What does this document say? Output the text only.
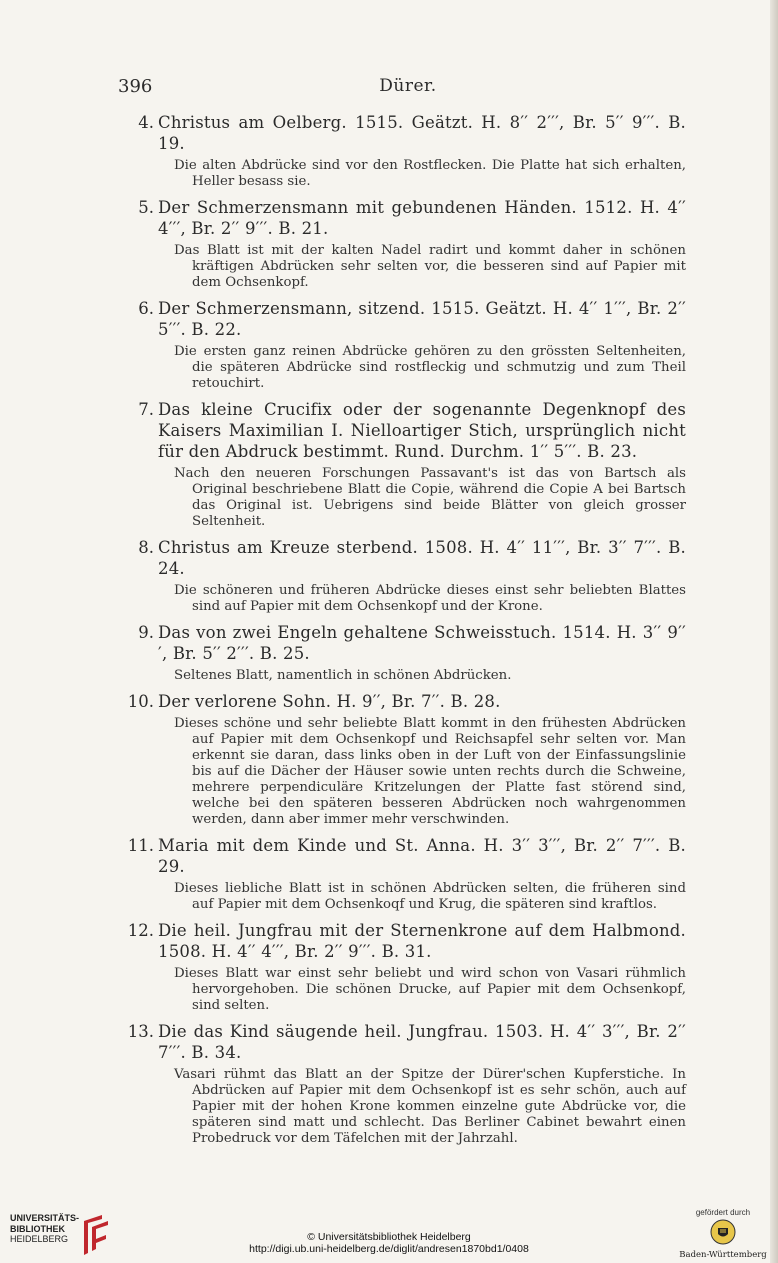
396	Dürer.
4. Christus am Oelberg. 1515. Geätzt. H. 8′′ 2′′′, Br. 5′′ 9′′′. B. 19.
Die alten Abdrücke sind vor den Rostflecken. Die Platte hat sich erhalten, Heller besass sie.
5. Der Schmerzensmann mit gebundenen Händen. 1512. H. 4′′ 4′′′, Br. 2′′ 9′′′. B. 21.
Das Blatt ist mit der kalten Nadel radirt und kommt daher in schönen kräftigen Abdrücken sehr selten vor, die besseren sind auf Papier mit dem Ochsenkopf.
6. Der Schmerzensmann, sitzend. 1515. Geätzt. H. 4′′ 1′′′, Br. 2′′ 5′′′. B. 22.
Die ersten ganz reinen Abdrücke gehören zu den grössten Seltenheiten, die späteren Abdrücke sind rostfleckig und schmutzig und zum Theil retouchirt.
7. Das kleine Crucifix oder der sogenannte Degenknopf des Kaisers Maximilian I. Nielloartiger Stich, ursprünglich nicht für den Abdruck bestimmt. Rund. Durchm. 1′′ 5′′′. B. 23.
Nach den neueren Forschungen Passavant's ist das von Bartsch als Original beschriebene Blatt die Copie, während die Copie A bei Bartsch das Original ist. Uebrigens sind beide Blätter von gleich grosser Seltenheit.
8. Christus am Kreuze sterbend. 1508. H. 4′′ 11′′′, Br. 3′′ 7′′′. B. 24.
Die schöneren und früheren Abdrücke dieses einst sehr beliebten Blattes sind auf Papier mit dem Ochsenkopf und der Krone.
9. Das von zwei Engeln gehaltene Schweisstuch. 1514. H. 3′′ 9′′′, Br. 5′′ 2′′′. B. 25.
Seltenes Blatt, namentlich in schönen Abdrücken.
10. Der verlorene Sohn. H. 9′′, Br. 7′′. B. 28.
Dieses schöne und sehr beliebte Blatt kommt in den frühesten Abdrücken auf Papier mit dem Ochsenkopf und Reichsapfel sehr selten vor. Man erkennt sie daran, dass links oben in der Luft von der Einfassungslinie bis auf die Dächer der Häuser sowie unten rechts durch die Schweine, mehrere perpendiculäre Kritzelungen der Platte fast störend sind, welche bei den späteren besseren Abdrücken noch wahrgenommen werden, dann aber immer mehr verschwinden.
11. Maria mit dem Kinde und St. Anna. H. 3′′ 3′′′, Br. 2′′ 7′′′. B. 29.
Dieses liebliche Blatt ist in schönen Abdrücken selten, die früheren sind auf Papier mit dem Ochsenkoqf und Krug, die späteren sind kraftlos.
12. Die heil. Jungfrau mit der Sternenkrone auf dem Halbmond. 1508. H. 4′′ 4′′′, Br. 2′′ 9′′′. B. 31.
Dieses Blatt war einst sehr beliebt und wird schon von Vasari rühmlich hervorgehoben. Die schönen Drucke, auf Papier mit dem Ochsenkopf, sind selten.
13. Die das Kind säugende heil. Jungfrau. 1503. H. 4′′ 3′′′, Br. 2′′ 7′′′. B. 34.
Vasari rühmt das Blatt an der Spitze der Dürer'schen Kupferstiche. In Abdrücken auf Papier mit dem Ochsenkopf ist es sehr schön, auch auf Papier mit der hohen Krone kommen einzelne gute Abdrücke vor, die späteren sind matt und schlecht. Das Berliner Cabinet bewahrt einen Probedruck vor dem Täfelchen mit der Jahrzahl.
UNIVERSITÄTS-
BIBLIOTHEK
HEIDELBERG	© Universitätsbibliothek Heidelberg
http://digi.ub.uni-heidelberg.de/diglit/andresen1870bd1/0408
gefördert durch
Baden-Württemberg
